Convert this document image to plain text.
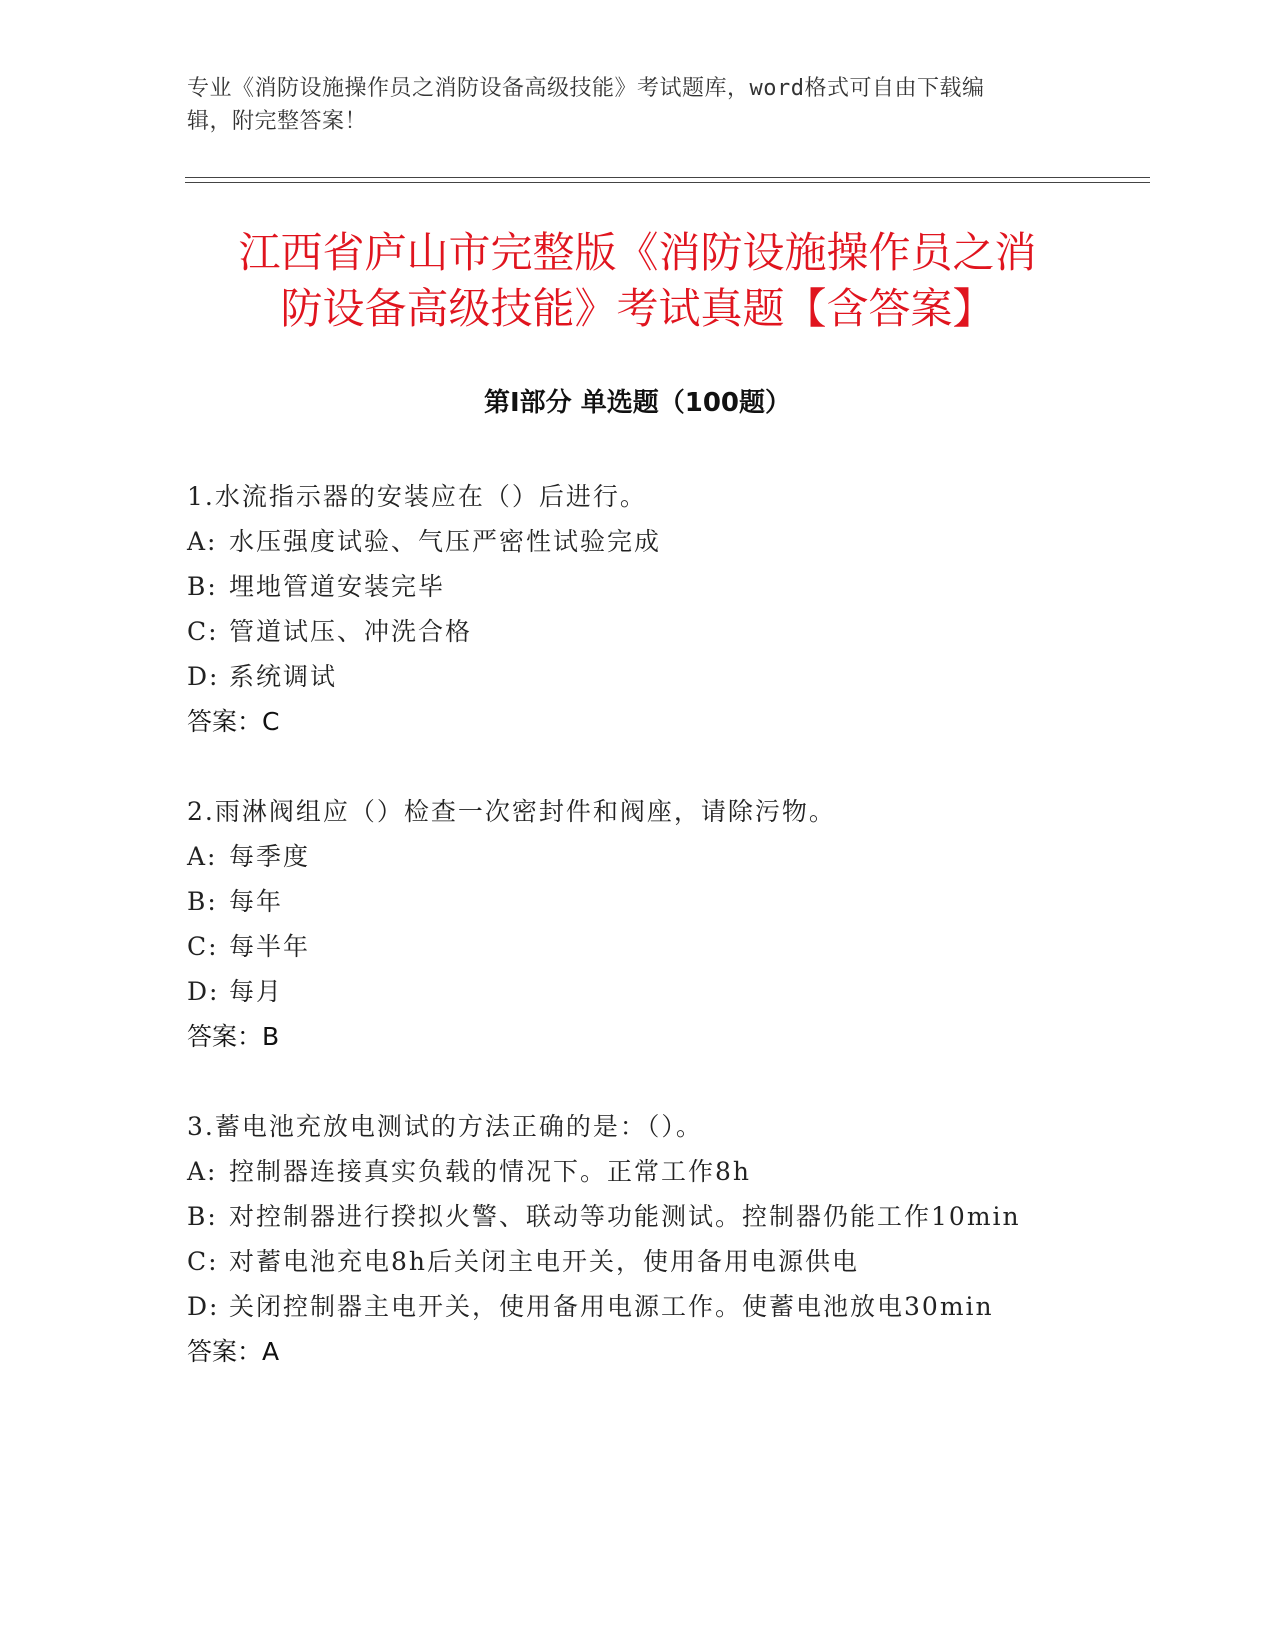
专业《消防设施操作员之消防设备高级技能》考试题库，word格式可自由下载编
辑，附完整答案！
江西省庐山市完整版《消防设施操作员之消
防设备高级技能》考试真题【含答案】
第Ⅰ部分 单选题（100题）
1.水流指示器的安装应在（）后进行。
A: 水压强度试验、气压严密性试验完成
B: 埋地管道安装完毕
C: 管道试压、冲洗合格
D: 系统调试
答案：C
2.雨淋阀组应（）检查一次密封件和阀座，请除污物。
A: 每季度
B: 每年
C: 每半年
D: 每月
答案：B
3.蓄电池充放电测试的方法正确的是：（）。
A: 控制器连接真实负载的情况下。正常工作8h
B: 对控制器进行揆拟火警、联动等功能测试。控制器仍能工作10min
C: 对蓄电池充电8h后关闭主电开关，使用备用电源供电
D: 关闭控制器主电开关，使用备用电源工作。使蓄电池放电30min
答案：A
